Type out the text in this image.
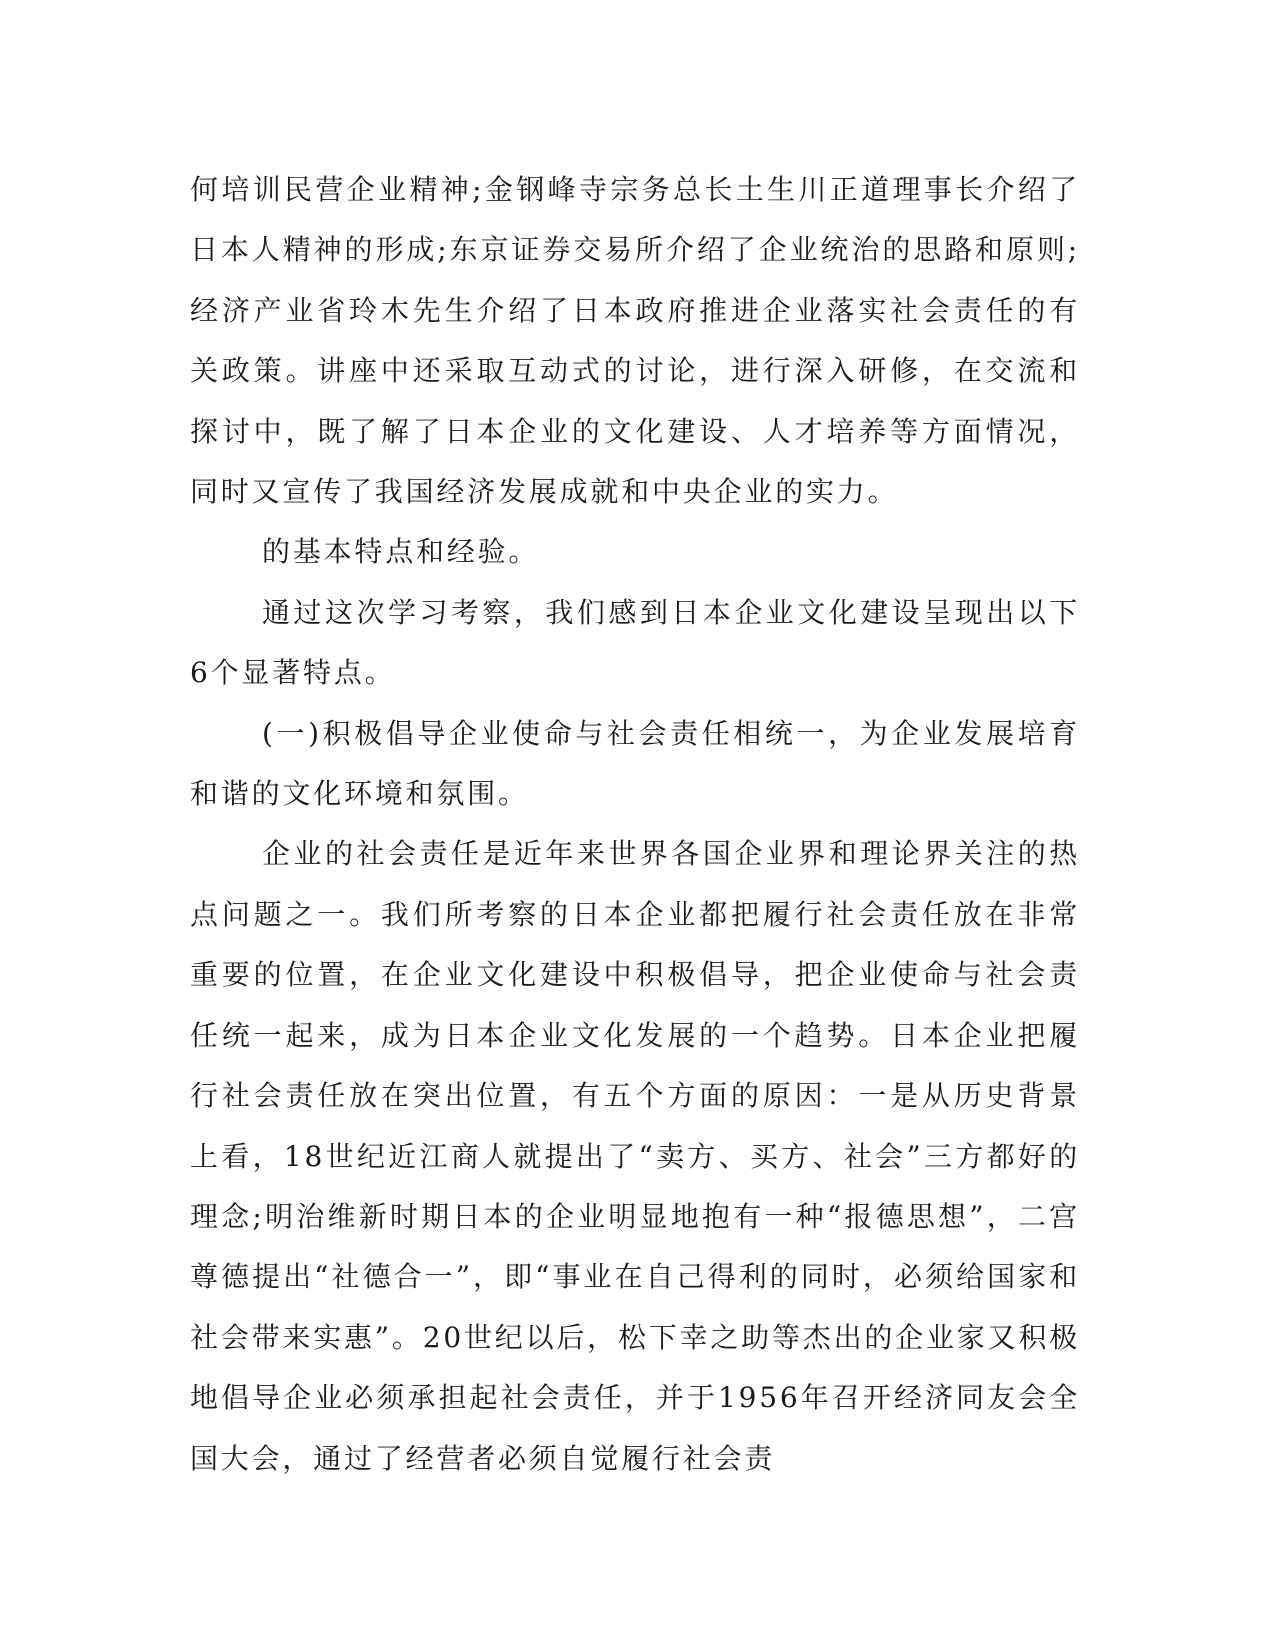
何培训民营企业精神;金钢峰寺宗务总长土生川正道理事长介绍了日本人精神的形成;东京证券交易所介绍了企业统治的思路和原则;经济产业省玲木先生介绍了日本政府推进企业落实社会责任的有关政策。讲座中还采取互动式的讨论，进行深入研修，在交流和探讨中，既了解了日本企业的文化建设、人才培养等方面情况，同时又宣传了我国经济发展成就和中央企业的实力。

的基本特点和经验。

通过这次学习考察，我们感到日本企业文化建设呈现出以下6个显著特点。

(一)积极倡导企业使命与社会责任相统一，为企业发展培育和谐的文化环境和氛围。

企业的社会责任是近年来世界各国企业界和理论界关注的热点问题之一。我们所考察的日本企业都把履行社会责任放在非常重要的位置，在企业文化建设中积极倡导，把企业使命与社会责任统一起来，成为日本企业文化发展的一个趋势。日本企业把履行社会责任放在突出位置，有五个方面的原因：一是从历史背景上看，18世纪近江商人就提出了“卖方、买方、社会”三方都好的理念;明治维新时期日本的企业明显地抱有一种“报德思想”，二宫尊德提出“社德合一”，即“事业在自己得利的同时，必须给国家和社会带来实惠”。20世纪以后，松下幸之助等杰出的企业家又积极地倡导企业必须承担起社会责任，并于1956年召开经济同友会全国大会，通过了经营者必须自觉履行社会责
